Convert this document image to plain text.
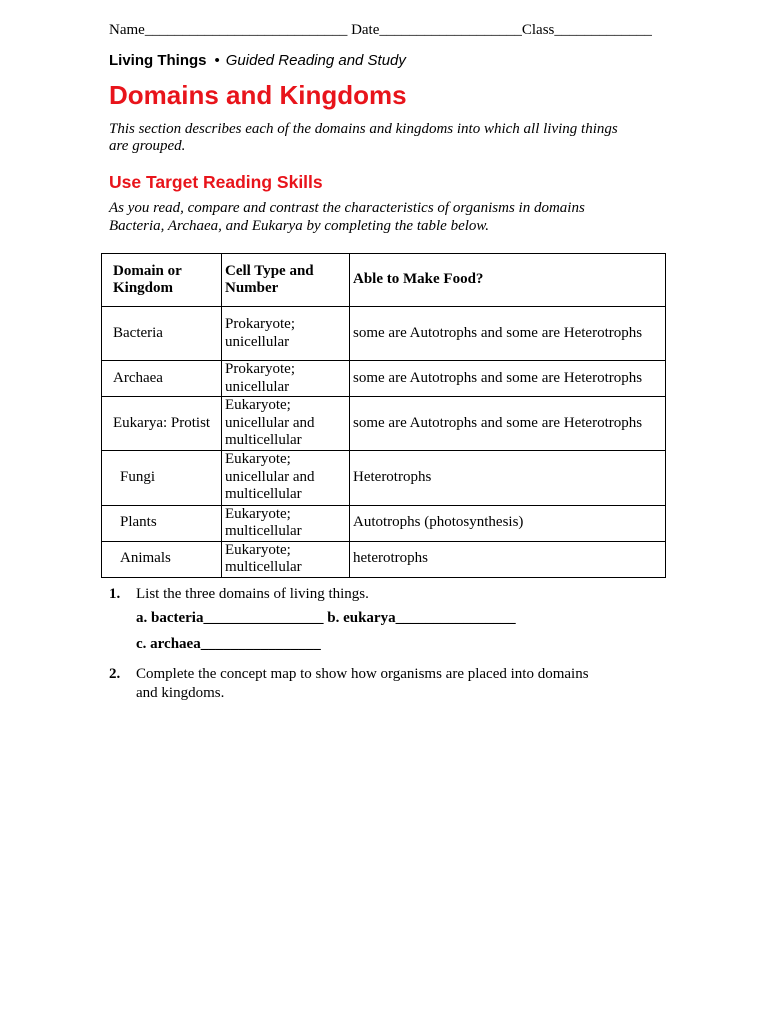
Name___________________________ Date___________________Class_____________
Living Things • Guided Reading and Study
Domains and Kingdoms
This section describes each of the domains and kingdoms into which all living things are grouped.
Use Target Reading Skills
As you read, compare and contrast the characteristics of organisms in domains Bacteria, Archaea, and Eukarya by completing the table below.
Domain or Kingdom	Cell Type and Number	Able to Make Food?
Bacteria	Prokaryote; unicellular	some are Autotrophs and some are Heterotrophs
Archaea	Prokaryote; unicellular	some are Autotrophs and some are Heterotrophs
Eukarya: Protist	Eukaryote; unicellular and multicellular	some are Autotrophs and some are Heterotrophs
Fungi	Eukaryote; unicellular and multicellular	Heterotrophs
Plants	Eukaryote; multicellular	Autotrophs (photosynthesis)
Animals	Eukaryote; multicellular	heterotrophs
1. List the three domains of living things.
a. bacteria________________ b. eukarya________________
c. archaea________________
2. Complete the concept map to show how organisms are placed into domains and kingdoms.
